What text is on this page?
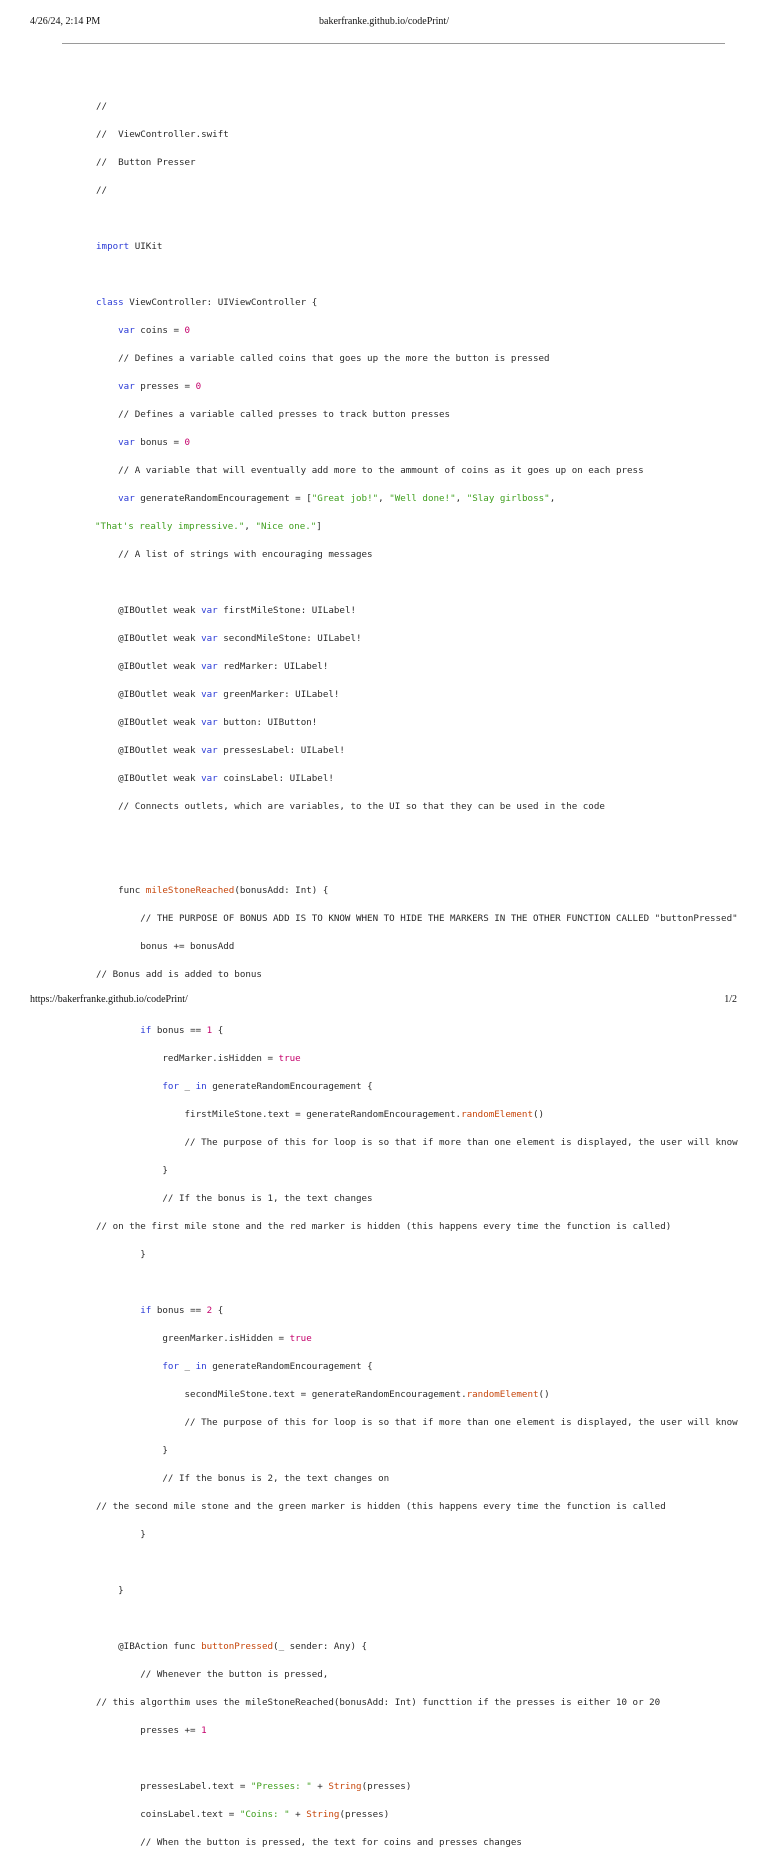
4/26/24, 2:14 PM	bakerfranke.github.io/codePrint/

//

//  ViewController.swift

//  Button Presser

//

import UIKit

class ViewController: UIViewController {

var coins = 0

// Defines a variable called coins that goes up the more the button is pressed

var presses = 0

// Defines a variable called presses to track button presses

var bonus = 0

// A variable that will eventually add more to the ammount of coins as it goes up on each press

var generateRandomEncouragement = ["Great job!", "Well done!", "Slay girlboss",

"That's really impressive.", "Nice one."]

// A list of strings with encouraging messages

@IBOutlet weak var firstMileStone: UILabel!

@IBOutlet weak var secondMileStone: UILabel!

@IBOutlet weak var redMarker: UILabel!

@IBOutlet weak var greenMarker: UILabel!

@IBOutlet weak var button: UIButton!

@IBOutlet weak var pressesLabel: UILabel!

@IBOutlet weak var coinsLabel: UILabel!

// Connects outlets, which are variables, to the UI so that they can be used in the code

func mileStoneReached(bonusAdd: Int) {

// THE PURPOSE OF BONUS ADD IS TO KNOW WHEN TO HIDE THE MARKERS IN THE OTHER FUNCTION CALLED "buttonPressed"

bonus += bonusAdd

// Bonus add is added to bonus

if bonus == 1 {

redMarker.isHidden = true

for _ in generateRandomEncouragement {

firstMileStone.text = generateRandomEncouragement.randomElement()

// The purpose of this for loop is so that if more than one element is displayed, the user will know

}

// If the bonus is 1, the text changes

// on the first mile stone and the red marker is hidden (this happens every time the function is called)

}

if bonus == 2 {

greenMarker.isHidden = true

for _ in generateRandomEncouragement {

secondMileStone.text = generateRandomEncouragement.randomElement()

// The purpose of this for loop is so that if more than one element is displayed, the user will know

}

// If the bonus is 2, the text changes on

// the second mile stone and the green marker is hidden (this happens every time the function is called

}

}

@IBAction func buttonPressed(_ sender: Any) {

// Whenever the button is pressed,

// this algorthim uses the mileStoneReached(bonusAdd: Int) functtion if the presses is either 10 or 20

presses += 1

pressesLabel.text = "Presses: " + String(presses)

coinsLabel.text = "Coins: " + String(presses)

// When the button is pressed, the text for coins and presses changes

https://bakerfranke.github.io/codePrint/	1/2
